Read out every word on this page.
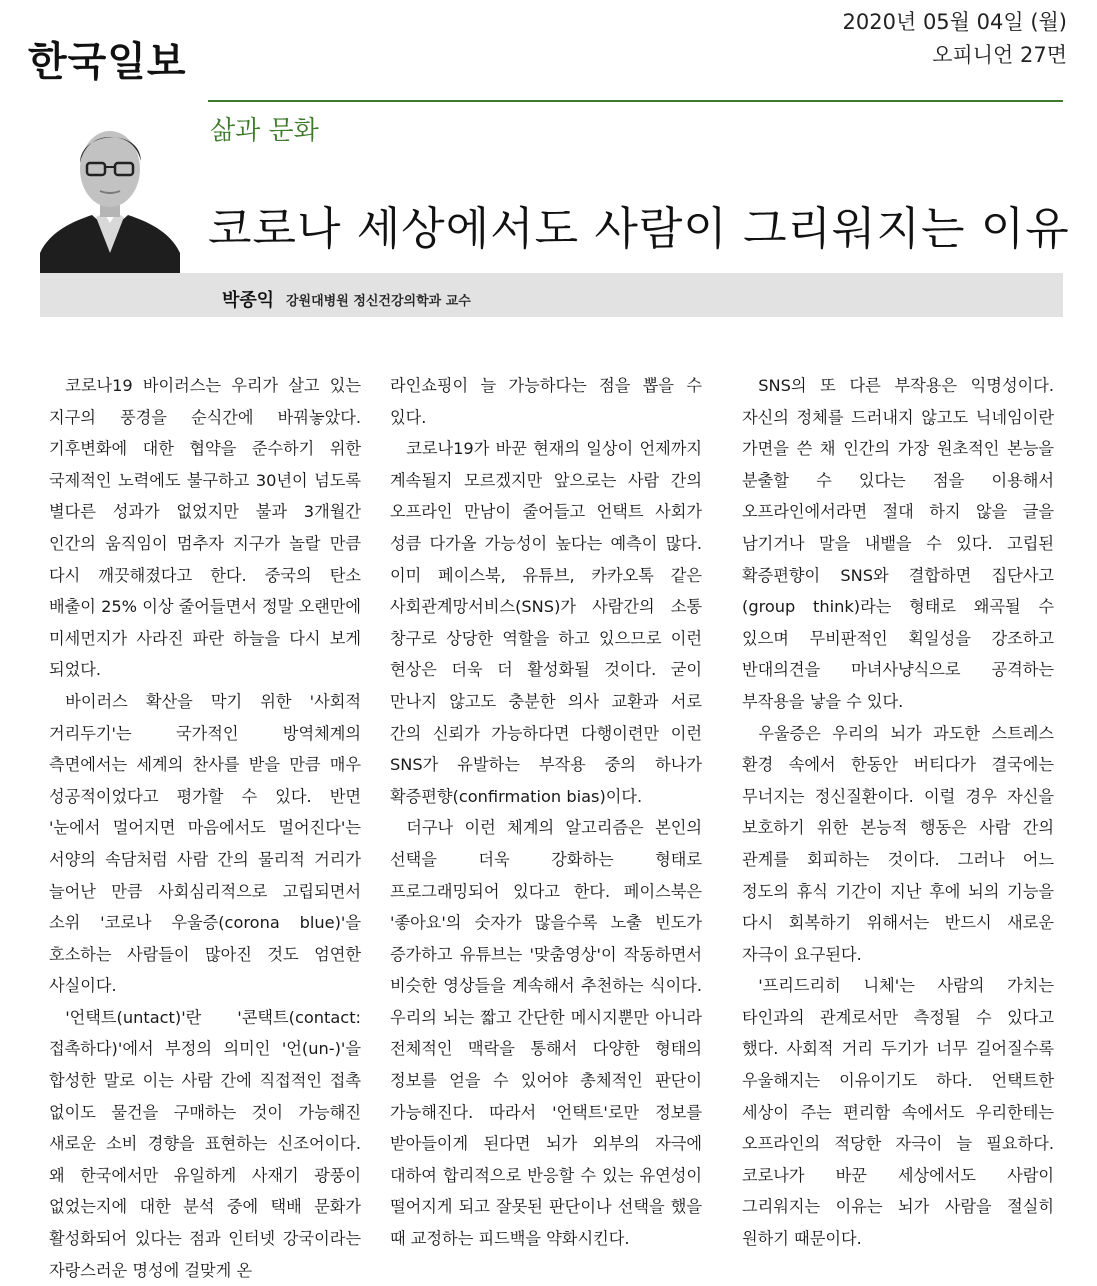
한국일보
2020년 05월 04일 (월)
오피니언 27면
삶과 문화
코로나 세상에서도 사람이 그리워지는 이유
박종익 강원대병원 정신건강의학과 교수

코로나19 바이러스는 우리가 살고 있는 지구의 풍경을 순식간에 바꿔놓았다. 기후변화에 대한 협약을 준수하기 위한 국제적인 노력에도 불구하고 30년이 넘도록 별다른 성과가 없었지만 불과 3개월간 인간의 움직임이 멈추자 지구가 놀랄 만큼 다시 깨끗해졌다고 한다. 중국의 탄소 배출이 25% 이상 줄어들면서 정말 오랜만에 미세먼지가 사라진 파란 하늘을 다시 보게 되었다.

바이러스 확산을 막기 위한 '사회적 거리두기'는 국가적인 방역체계의 측면에서는 세계의 찬사를 받을 만큼 매우 성공적이었다고 평가할 수 있다. 반면 '눈에서 멀어지면 마음에서도 멀어진다'는 서양의 속담처럼 사람 간의 물리적 거리가 늘어난 만큼 사회심리적으로 고립되면서 소위 '코로나 우울증(corona blue)'을 호소하는 사람들이 많아진 것도 엄연한 사실이다.

'언택트(untact)'란 '콘택트(contact: 접촉하다)'에서 부정의 의미인 '언(un-)'을 합성한 말로 이는 사람 간에 직접적인 접촉 없이도 물건을 구매하는 것이 가능해진 새로운 소비 경향을 표현하는 신조어이다. 왜 한국에서만 유일하게 사재기 광풍이 없었는지에 대한 분석 중에 택배 문화가 활성화되어 있다는 점과 인터넷 강국이라는 자랑스러운 명성에 걸맞게 온

라인쇼핑이 늘 가능하다는 점을 뽑을 수 있다.

코로나19가 바꾼 현재의 일상이 언제까지 계속될지 모르겠지만 앞으로는 사람 간의 오프라인 만남이 줄어들고 언택트 사회가 성큼 다가올 가능성이 높다는 예측이 많다. 이미 페이스북, 유튜브, 카카오톡 같은 사회관계망서비스(SNS)가 사람간의 소통 창구로 상당한 역할을 하고 있으므로 이런 현상은 더욱 더 활성화될 것이다. 굳이 만나지 않고도 충분한 의사 교환과 서로 간의 신뢰가 가능하다면 다행이련만 이런 SNS가 유발하는 부작용 중의 하나가 확증편향(confirmation bias)이다.

더구나 이런 체계의 알고리즘은 본인의 선택을 더욱 강화하는 형태로 프로그래밍되어 있다고 한다. 페이스북은 '좋아요'의 숫자가 많을수록 노출 빈도가 증가하고 유튜브는 '맞춤영상'이 작동하면서 비슷한 영상들을 계속해서 추천하는 식이다. 우리의 뇌는 짧고 간단한 메시지뿐만 아니라 전체적인 맥락을 통해서 다양한 형태의 정보를 얻을 수 있어야 총체적인 판단이 가능해진다. 따라서 '언택트'로만 정보를 받아들이게 된다면 뇌가 외부의 자극에 대하여 합리적으로 반응할 수 있는 유연성이 떨어지게 되고 잘못된 판단이나 선택을 했을 때 교정하는 피드백을 약화시킨다.

SNS의 또 다른 부작용은 익명성이다. 자신의 정체를 드러내지 않고도 닉네임이란 가면을 쓴 채 인간의 가장 원초적인 본능을 분출할 수 있다는 점을 이용해서 오프라인에서라면 절대 하지 않을 글을 남기거나 말을 내뱉을 수 있다. 고립된 확증편향이 SNS와 결합하면 집단사고(group think)라는 형태로 왜곡될 수 있으며 무비판적인 획일성을 강조하고 반대의견을 마녀사냥식으로 공격하는 부작용을 낳을 수 있다.

우울증은 우리의 뇌가 과도한 스트레스 환경 속에서 한동안 버티다가 결국에는 무너지는 정신질환이다. 이럴 경우 자신을 보호하기 위한 본능적 행동은 사람 간의 관계를 회피하는 것이다. 그러나 어느 정도의 휴식 기간이 지난 후에 뇌의 기능을 다시 회복하기 위해서는 반드시 새로운 자극이 요구된다.

'프리드리히 니체'는 사람의 가치는 타인과의 관계로서만 측정될 수 있다고 했다. 사회적 거리 두기가 너무 길어질수록 우울해지는 이유이기도 하다. 언택트한 세상이 주는 편리함 속에서도 우리한테는 오프라인의 적당한 자극이 늘 필요하다. 코로나가 바꾼 세상에서도 사람이 그리워지는 이유는 뇌가 사람을 절실히 원하기 때문이다.
